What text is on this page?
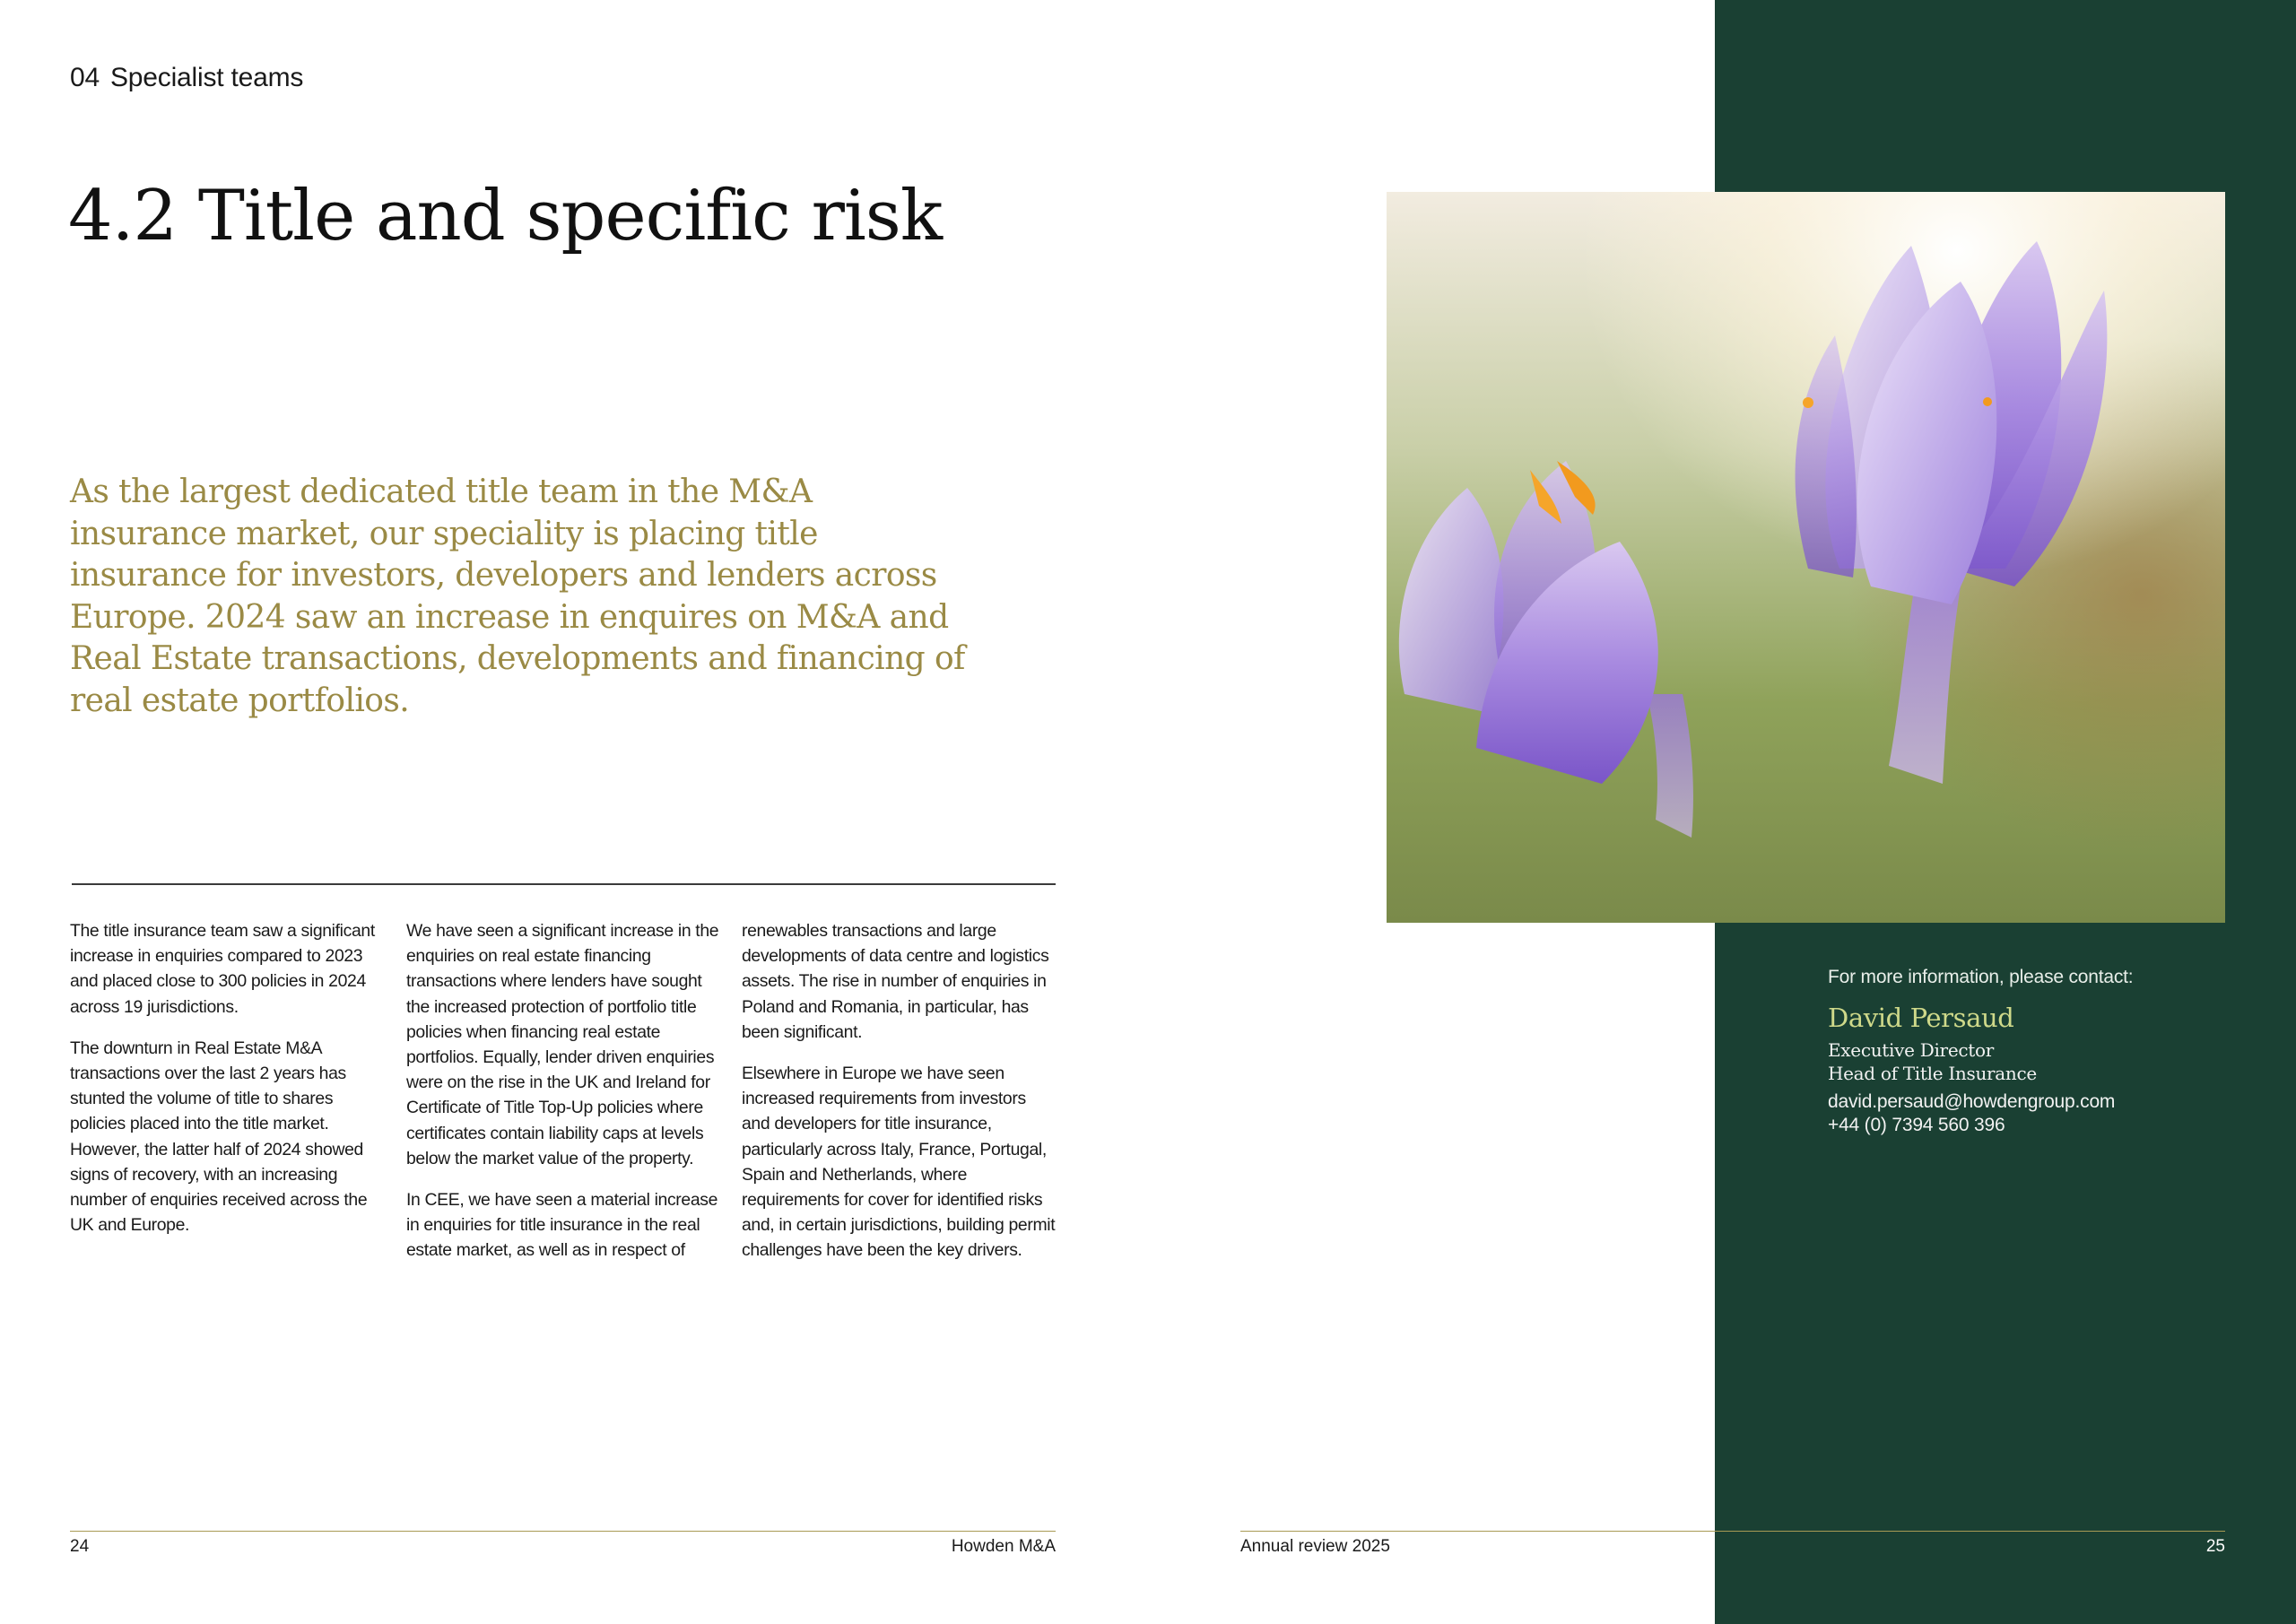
04 Specialist teams
4.2 Title and specific risk

As the largest dedicated title team in the M&A insurance market, our speciality is placing title insurance for investors, developers and lenders across Europe. 2024 saw an increase in enquires on M&A and Real Estate transactions, developments and financing of real estate portfolios.

The title insurance team saw a significant increase in enquiries compared to 2023 and placed close to 300 policies in 2024 across 19 jurisdictions.

The downturn in Real Estate M&A transactions over the last 2 years has stunted the volume of title to shares policies placed into the title market. However, the latter half of 2024 showed signs of recovery, with an increasing number of enquiries received across the UK and Europe.

We have seen a significant increase in the enquiries on real estate financing transactions where lenders have sought the increased protection of portfolio title policies when financing real estate portfolios. Equally, lender driven enquiries were on the rise in the UK and Ireland for Certificate of Title Top-Up policies where certificates contain liability caps at levels below the market value of the property.

In CEE, we have seen a material increase in enquiries for title insurance in the real estate market, as well as in respect of

renewables transactions and large developments of data centre and logistics assets. The rise in number of enquiries in Poland and Romania, in particular, has been significant.

Elsewhere in Europe we have seen increased requirements from investors and developers for title insurance, particularly across Italy, France, Portugal, Spain and Netherlands, where requirements for cover for identified risks and, in certain jurisdictions, building permit challenges have been the key drivers.

For more information, please contact:
David Persaud
Executive Director
Head of Title Insurance
david.persaud@howdengroup.com
+44 (0) 7394 560 396
24	Howden M&A	Annual review 2025	25
